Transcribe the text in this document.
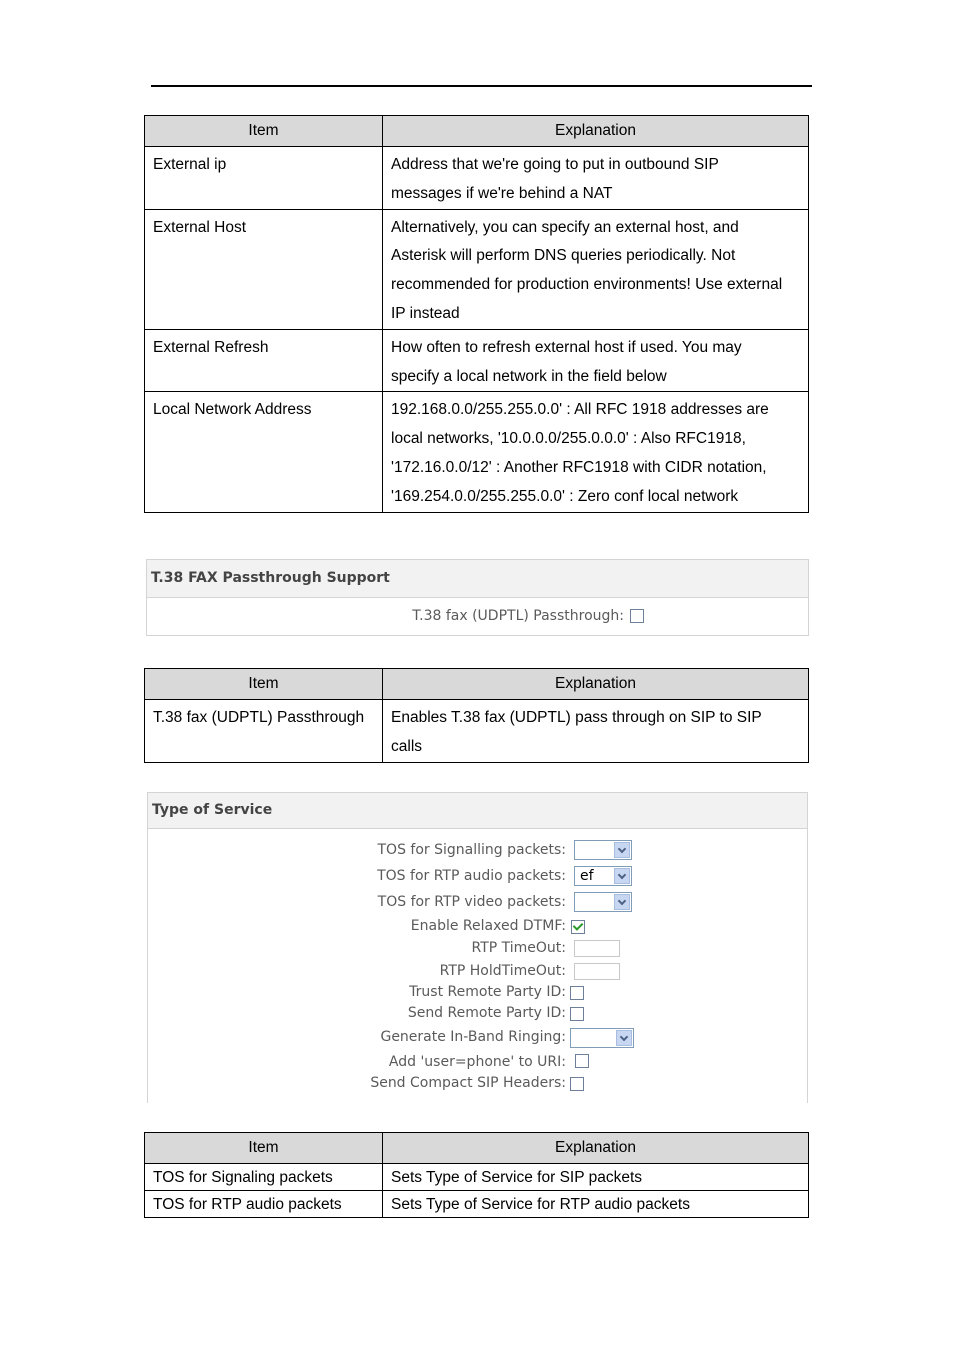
Item	Explanation
External ip	Address that we're going to put in outbound SIP
messages if we're behind a NAT
External Host	Alternatively, you can specify an external host, and
Asterisk will perform DNS queries periodically. Not
recommended for production environments! Use external
IP instead
External Refresh	How often to refresh external host if used. You may
specify a local network in the field below
Local Network Address	192.168.0.0/255.255.0.0' : All RFC 1918 addresses are
local networks, '10.0.0.0/255.0.0.0' : Also RFC1918,
'172.16.0.0/12' : Another RFC1918 with CIDR notation,
'169.254.0.0/255.255.0.0' : Zero conf local network
T.38 FAX Passthrough Support
T.38 fax (UDPTL) Passthrough:
Item	Explanation
T.38 fax (UDPTL) Passthrough	Enables T.38 fax (UDPTL) pass through on SIP to SIP
calls
Type of Service
TOS for Signalling packets:
TOS for RTP audio packets: ef
TOS for RTP video packets:
Enable Relaxed DTMF:
RTP TimeOut:
RTP HoldTimeOut:
Trust Remote Party ID:
Send Remote Party ID:
Generate In-Band Ringing:
Add 'user=phone' to URI:
Send Compact SIP Headers:
Item	Explanation
TOS for Signaling packets	Sets Type of Service for SIP packets
TOS for RTP audio packets	Sets Type of Service for RTP audio packets
